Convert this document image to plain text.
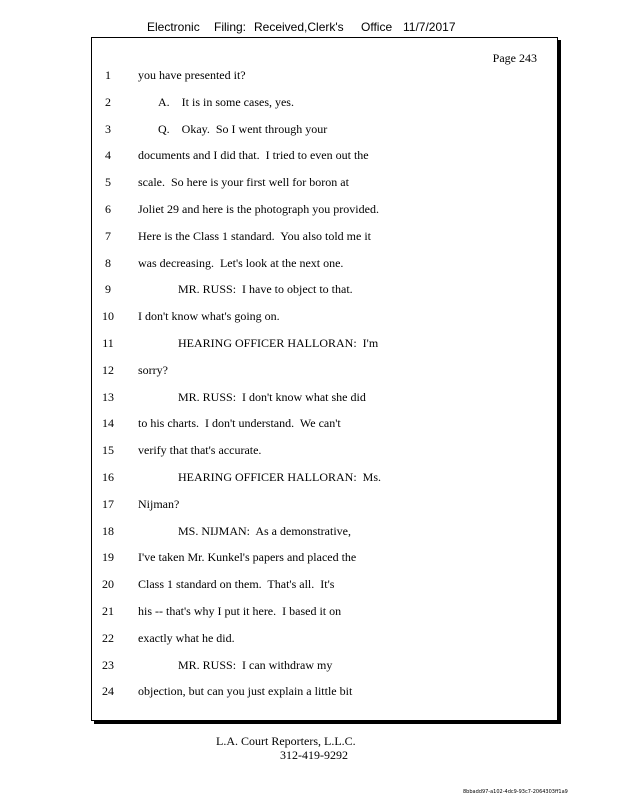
Electronic Filing: Received,Clerk's Office 11/7/2017
Page 243
1	you have presented it?
2	A.    It is in some cases, yes.
3	Q.    Okay.  So I went through your
4	documents and I did that.  I tried to even out the
5	scale.  So here is your first well for boron at
6	Joliet 29 and here is the photograph you provided.
7	Here is the Class 1 standard.  You also told me it
8	was decreasing.  Let's look at the next one.
9	MR. RUSS:  I have to object to that.
10	I don't know what's going on.
11	HEARING OFFICER HALLORAN:  I'm
12	sorry?
13	MR. RUSS:  I don't know what she did
14	to his charts.  I don't understand.  We can't
15	verify that that's accurate.
16	HEARING OFFICER HALLORAN:  Ms.
17	Nijman?
18	MS. NIJMAN:  As a demonstrative,
19	I've taken Mr. Kunkel's papers and placed the
20	Class 1 standard on them.  That's all.  It's
21	his -- that's why I put it here.  I based it on
22	exactly what he did.
23	MR. RUSS:  I can withdraw my
24	objection, but can you just explain a little bit
L.A. Court Reporters, L.L.C.
312-419-9292
8bbadd97-a102-4dc9-93c7-2064303ff1a9
